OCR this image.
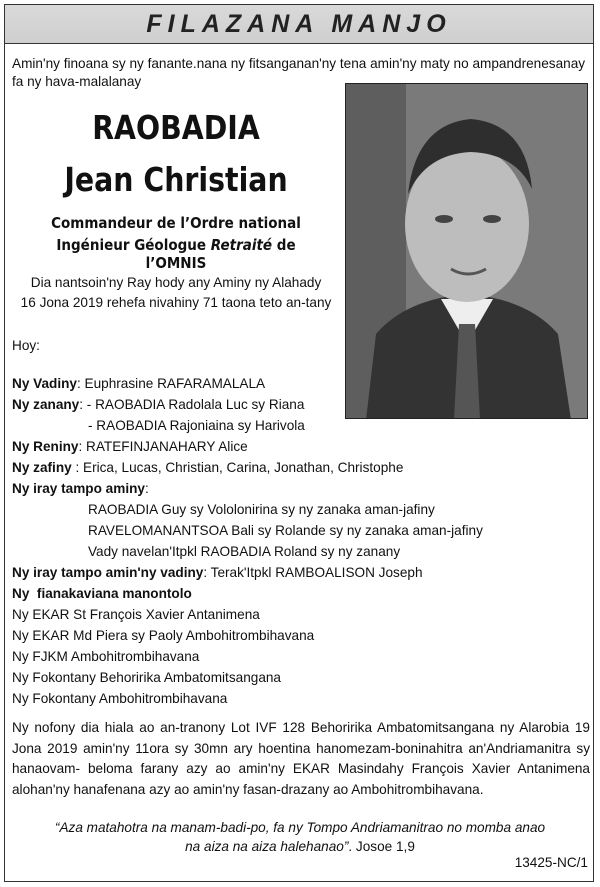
FILAZANA MANJO
Amin'ny finoana sy ny fanante.nana ny fitsanganan'ny tena amin'ny maty no ampandrenesanay fa ny hava-malalanay
RAOBADIA
Jean Christian
Commandeur de l’Ordre national
Ingénieur Géologue Retraité de l’OMNIS
Dia nantsoin'ny Ray hody any Aminy ny Alahady
16 Jona 2019 rehefa nivahiny 71 taona teto an-tany
Hoy:
Ny Vadiny: Euphrasine RAFARAMALALA
Ny zanany: - RAOBADIA Radolala Luc sy Riana
- RAOBADIA Rajoniaina sy Harivola
Ny Reniny: RATEFINJANAHARY Alice
Ny zafiny : Erica, Lucas, Christian, Carina, Jonathan, Christophe
Ny iray tampo aminy:
RAOBADIA Guy sy Vololonirina sy ny zanaka aman-jafiny
RAVELOMANANTSOA Bali sy Rolande sy ny zanaka aman-jafiny
Vady navelan'Itpkl RAOBADIA Roland sy ny zanany
Ny iray tampo amin'ny vadiny: Terak'Itpkl RAMBOALISON Joseph
Ny  fianakaviana manontolo
Ny EKAR St François Xavier Antanimena
Ny EKAR Md Piera sy Paoly Ambohitrombihavana
Ny FJKM Ambohitrombihavana
Ny Fokontany Behoririka Ambatomitsangana
Ny Fokontany Ambohitrombihavana
Ny nofony dia hiala ao an-tranony Lot IVF 128 Behoririka Ambatomitsangana ny Alarobia 19 Jona 2019 amin'ny 11ora sy 30mn ary hoentina hanomezam-boninahitra an'Andriamanitra sy hanaovam- beloma farany azy ao amin'ny EKAR Masindahy François Xavier Antanimena alohan'ny hanafenana azy ao amin'ny fasan-drazany ao Ambohitrombihavana.
“Aza matahotra na manam-badi-po, fa ny Tompo Andriamanitrao no momba anao
na aiza na aiza halehanao”. Josoe 1,9
13425-NC/1
